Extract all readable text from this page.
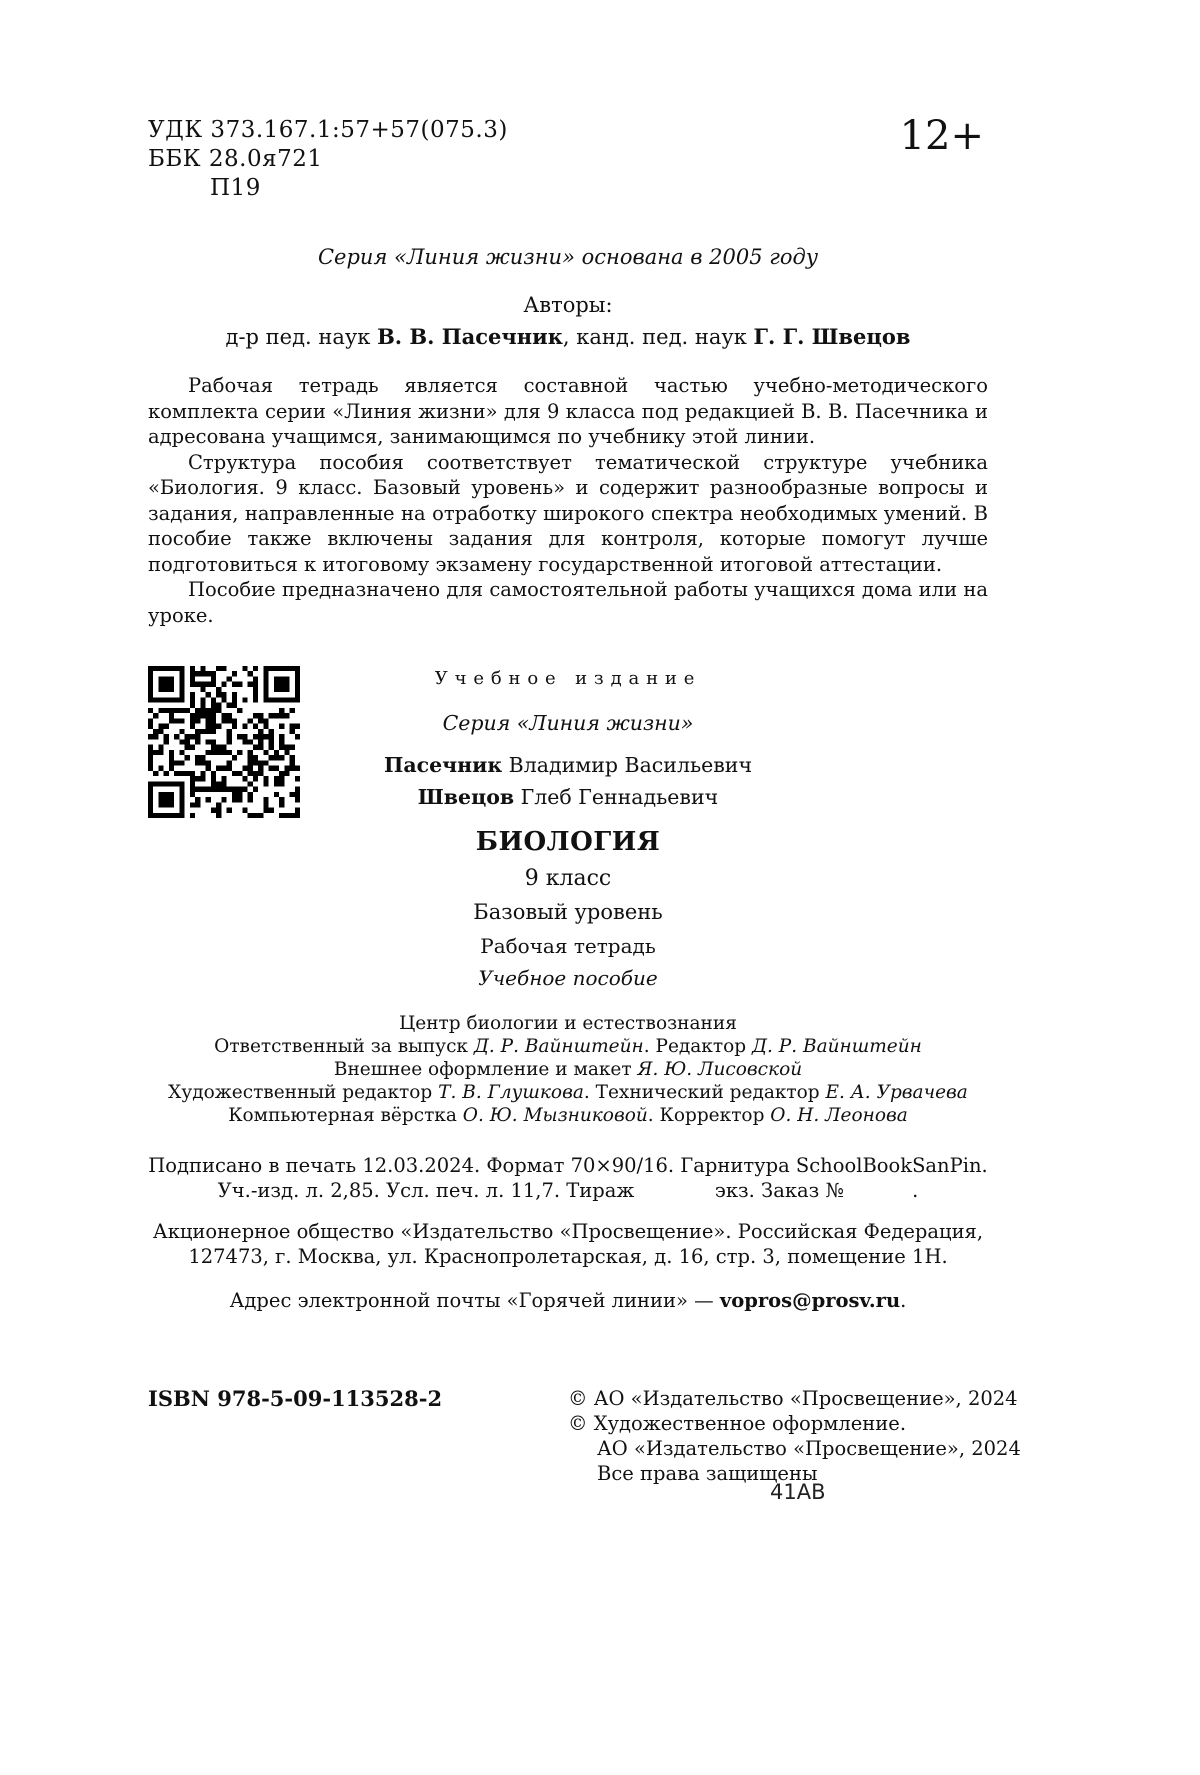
УДК 373.167.1:57+57(075.3)
ББК 28.0я721
П19
12+
Серия «Линия жизни» основана в 2005 году
Авторы:
д-р пед. наук В. В. Пасечник, канд. пед. наук Г. Г. Швецов

Рабочая тетрадь является составной частью учебно-методического комплекта серии «Линия жизни» для 9 класса под редакцией В. В. Пасечника и адресована учащимся, занимающимся по учебнику этой линии.

Структура пособия соответствует тематической структуре учебника «Биология. 9 класс. Базовый уровень» и содержит разнообразные вопросы и задания, направленные на отработку широкого спектра необходимых умений. В пособие также включены задания для контроля, которые помогут лучше подготовиться к итоговому экзамену государственной итоговой аттестации.

Пособие предназначено для самостоятельной работы учащихся дома или на уроке.

Учебное издание
Серия «Линия жизни»
Пасечник Владимир Васильевич
Швецов Глеб Геннадьевич
БИОЛОГИЯ
9 класс
Базовый уровень
Рабочая тетрадь
Учебное пособие
Центр биологии и естествознания
Ответственный за выпуск Д. Р. Вайнштейн. Редактор Д. Р. Вайнштейн
Внешнее оформление и макет Я. Ю. Лисовской
Художественный редактор Т. В. Глушкова. Технический редактор Е. А. Урвачева
Компьютерная вёрстка О. Ю. Мызниковой. Корректор О. Н. Леонова
Подписано в печать 12.03.2024. Формат 70×90/16. Гарнитура SchoolBookSanPin.
Уч.-изд. л. 2,85. Усл. печ. л. 11,7. Тираж             экз. Заказ №           .
Акционерное общество «Издательство «Просвещение». Российская Федерация,
127473, г. Москва, ул. Краснопролетарская, д. 16, стр. 3, помещение 1Н.
Адрес электронной почты «Горячей линии» — vopros@prosv.ru.
ISBN 978-5-09-113528-2	© АО «Издательство «Просвещение», 2024
© Художественное оформление.
АО «Издательство «Просвещение», 2024
Все права защищены
41АВ
